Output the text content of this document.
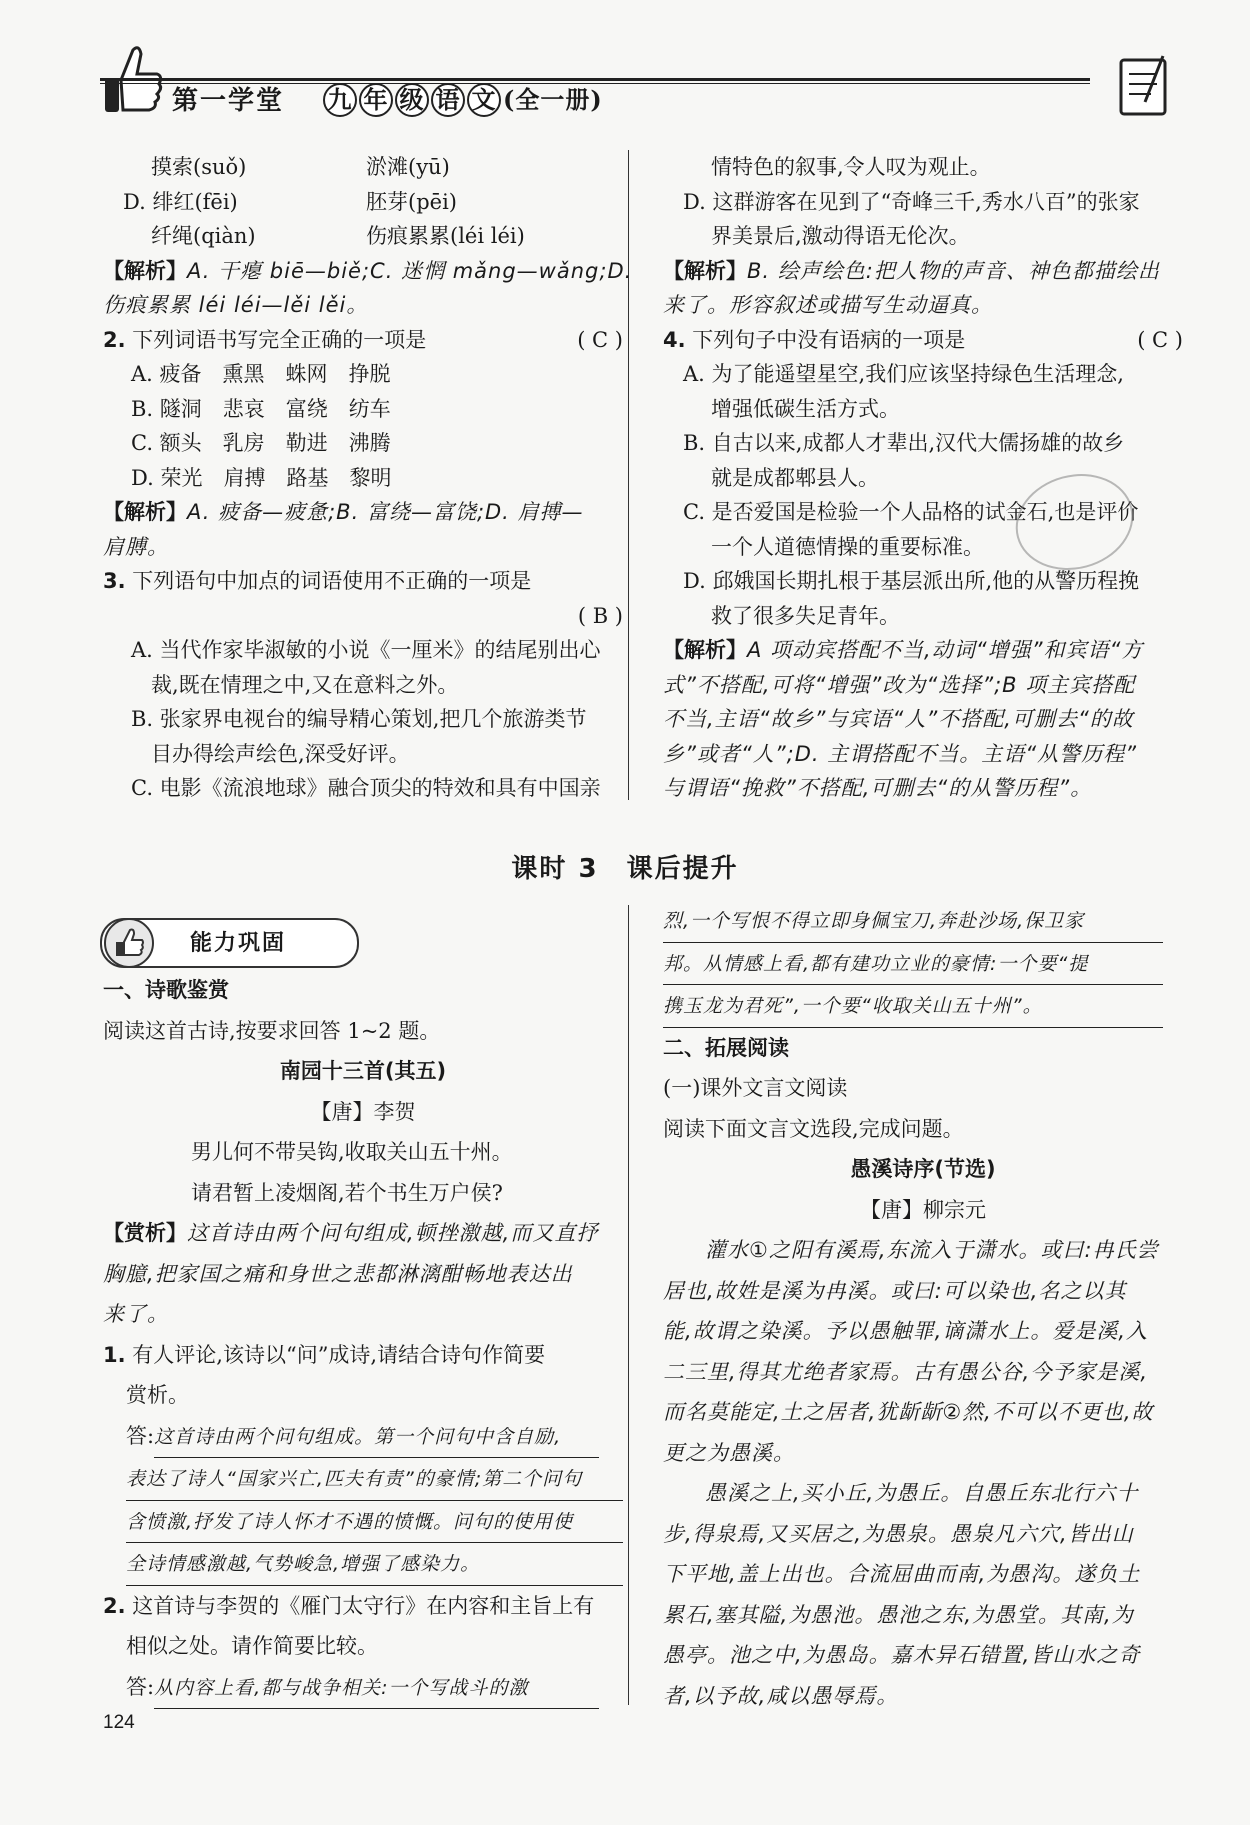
第一学堂 九 年 级 语 文 (全一册)

摸索(suǒ)	淤滩(yū)

D. 绯红(fēi)	胚芽(pēi)

纤绳(qiàn)	伤痕累累(léi léi)

【解析】A. 干瘪 biē—biě;C. 迷惘 mǎng—wǎng;D.

伤痕累累 léi léi—lěi lěi。

2. 下列词语书写完全正确的一项是	( C )

A. 疲备　熏黑　蛛网　挣脱

B. 隧洞　悲哀　富绕　纺车

C. 额头　乳房　勒进　沸腾

D. 荣光　肩搏　路基　黎明

【解析】A. 疲备—疲惫;B. 富绕—富饶;D. 肩搏—

肩膊。

3. 下列语句中加点的词语使用不正确的一项是

( B )

A. 当代作家毕淑敏的小说《一厘米》的结尾别出心

裁,既在情理之中,又在意料之外。

B. 张家界电视台的编导精心策划,把几个旅游类节

目办得绘声绘色,深受好评。

C. 电影《流浪地球》融合顶尖的特效和具有中国亲

情特色的叙事,令人叹为观止。

D. 这群游客在见到了“奇峰三千,秀水八百”的张家

界美景后,激动得语无伦次。

【解析】B. 绘声绘色:把人物的声音、神色都描绘出

来了。形容叙述或描写生动逼真。

4. 下列句子中没有语病的一项是	( C )

A. 为了能遥望星空,我们应该坚持绿色生活理念,

增强低碳生活方式。

B. 自古以来,成都人才辈出,汉代大儒扬雄的故乡

就是成都郫县人。

C. 是否爱国是检验一个人品格的试金石,也是评价

一个人道德情操的重要标准。

D. 邱娥国长期扎根于基层派出所,他的从警历程挽

救了很多失足青年。

【解析】A 项动宾搭配不当,动词“增强”和宾语“方

式”不搭配,可将“增强”改为“选择”;B 项主宾搭配

不当,主语“故乡”与宾语“人”不搭配,可删去“的故

乡”或者“人”;D. 主谓搭配不当。主语“从警历程”

与谓语“挽救”不搭配,可删去“的从警历程”。

课时 3　课后提升
能力巩固

一、诗歌鉴赏

阅读这首古诗,按要求回答 1~2 题。

南园十三首(其五)

【唐】李贺

男儿何不带吴钩,收取关山五十州。

请君暂上凌烟阁,若个书生万户侯?

【赏析】这首诗由两个问句组成,顿挫激越,而又直抒

胸臆,把家国之痛和身世之悲都淋漓酣畅地表达出

来了。

1. 有人评论,该诗以“问”成诗,请结合诗句作简要

赏析。

答:这首诗由两个问句组成。第一个问句中含自励,

表达了诗人“国家兴亡,匹夫有责”的豪情;第二个问句

含愤激,抒发了诗人怀才不遇的愤慨。问句的使用使

全诗情感激越,气势峻急,增强了感染力。

2. 这首诗与李贺的《雁门太守行》在内容和主旨上有

相似之处。请作简要比较。

答:从内容上看,都与战争相关:一个写战斗的激

烈,一个写恨不得立即身佩宝刀,奔赴沙场,保卫家

邦。从情感上看,都有建功立业的豪情:一个要“提

携玉龙为君死”,一个要“收取关山五十州”。

二、拓展阅读

(一)课外文言文阅读

阅读下面文言文选段,完成问题。

愚溪诗序(节选)

【唐】柳宗元

灌水①之阳有溪焉,东流入于潇水。或曰:冉氏尝

居也,故姓是溪为冉溪。或曰:可以染也,名之以其

能,故谓之染溪。予以愚触罪,谪潇水上。爱是溪,入

二三里,得其尤绝者家焉。古有愚公谷,今予家是溪,

而名莫能定,土之居者,犹龂龂②然,不可以不更也,故

更之为愚溪。

愚溪之上,买小丘,为愚丘。自愚丘东北行六十

步,得泉焉,又买居之,为愚泉。愚泉凡六穴,皆出山

下平地,盖上出也。合流屈曲而南,为愚沟。遂负土

累石,塞其隘,为愚池。愚池之东,为愚堂。其南,为

愚亭。池之中,为愚岛。嘉木异石错置,皆山水之奇

者,以予故,咸以愚辱焉。

124
